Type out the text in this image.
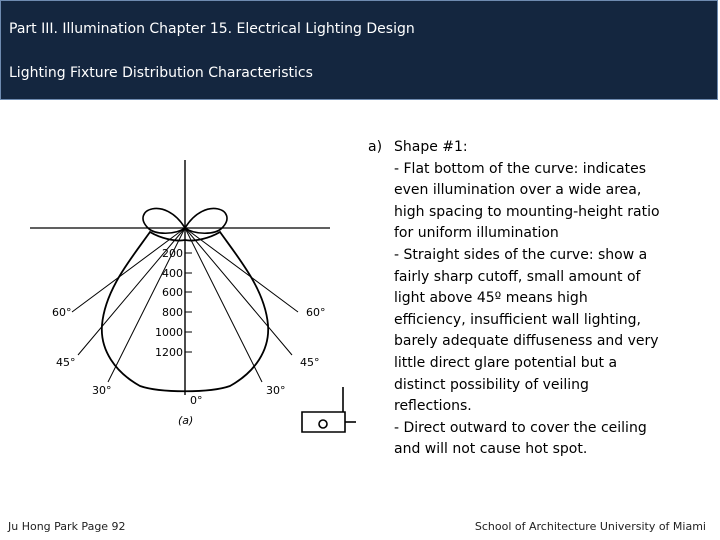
Part III. Illumination Chapter 15. Electrical Lighting Design
Lighting Fixture Distribution Characteristics
200
400
600
800
1000
1200
60°	60°
45°	45°
30°	30°
0°
(a)
a) Shape #1:
- Flat bottom of the curve: indicates
even illumination over a wide area,
high spacing to mounting-height ratio
for uniform illumination
- Straight sides of the curve: show a
fairly sharp cutoff, small amount of
light above 45º means high
efficiency, insufficient wall lighting,
barely adequate diffuseness and very
little direct glare potential but a
distinct possibility of veiling
reflections.
- Direct outward to cover the ceiling
and will not cause hot spot.
Ju Hong Park Page 92	School of Architecture University of Miami
